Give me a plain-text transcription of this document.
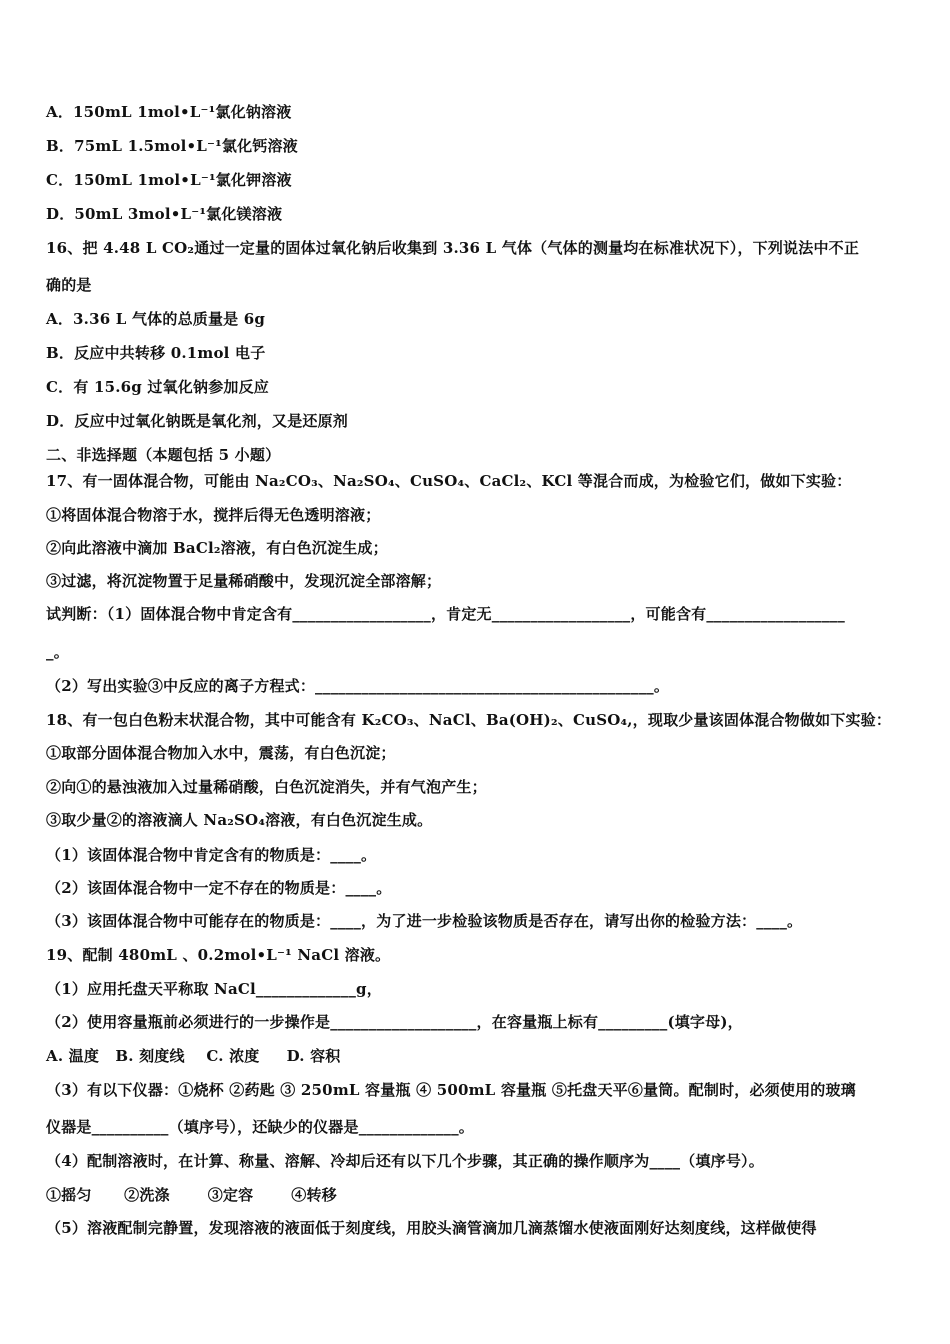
A．150mL 1mol•L⁻¹氯化钠溶液
B．75mL 1.5mol•L⁻¹氯化钙溶液
C．150mL 1mol•L⁻¹氯化钾溶液
D．50mL 3mol•L⁻¹氯化镁溶液
16、把 4.48 L CO₂通过一定量的固体过氧化钠后收集到 3.36 L 气体（气体的测量均在标准状况下），下列说法中不正
确的是
A．3.36 L 气体的总质量是 6g
B．反应中共转移 0.1mol 电子
C．有 15.6g 过氧化钠参加反应
D．反应中过氧化钠既是氧化剂，又是还原剂
二、非选择题（本题包括 5 小题）
17、有一固体混合物，可能由 Na₂CO₃、Na₂SO₄、CuSO₄、CaCl₂、KCl 等混合而成，为检验它们，做如下实验：
①将固体混合物溶于水，搅拌后得无色透明溶液；
②向此溶液中滴加 BaCl₂溶液，有白色沉淀生成；
③过滤，将沉淀物置于足量稀硝酸中，发现沉淀全部溶解；
试判断：（1）固体混合物中肯定含有__________________，肯定无__________________，可能含有__________________
_。
（2）写出实验③中反应的离子方程式：____________________________________________。
18、有一包白色粉末状混合物，其中可能含有 K₂CO₃、NaCl、Ba(OH)₂、CuSO₄,，现取少量该固体混合物做如下实验：
①取部分固体混合物加入水中，震荡，有白色沉淀；
②向①的悬浊液加入过量稀硝酸，白色沉淀消失，并有气泡产生；
③取少量②的溶液滴人 Na₂SO₄溶液，有白色沉淀生成。
（1）该固体混合物中肯定含有的物质是：____。
（2）该固体混合物中一定不存在的物质是：____。
（3）该固体混合物中可能存在的物质是：____，为了进一步检验该物质是否存在，请写出你的检验方法：____。
19、配制 480mL 、0.2mol•L⁻¹ NaCl 溶液。
（1）应用托盘天平称取 NaCl_____________g，
（2）使用容量瓶前必须进行的一步操作是___________________，在容量瓶上标有_________(填字母)，
A. 温度   B. 刻度线    C. 浓度     D. 容积
（3）有以下仪器：①烧杯 ②药匙 ③ 250mL 容量瓶 ④ 500mL 容量瓶 ⑤托盘天平⑥量筒。配制时，必须使用的玻璃
仪器是__________（填序号），还缺少的仪器是_____________。
（4）配制溶液时，在计算、称量、溶解、冷却后还有以下几个步骤，其正确的操作顺序为____（填序号）。
①摇匀      ②洗涤       ③定容       ④转移
（5）溶液配制完静置，发现溶液的液面低于刻度线，用胶头滴管滴加几滴蒸馏水使液面刚好达刻度线，这样做使得
